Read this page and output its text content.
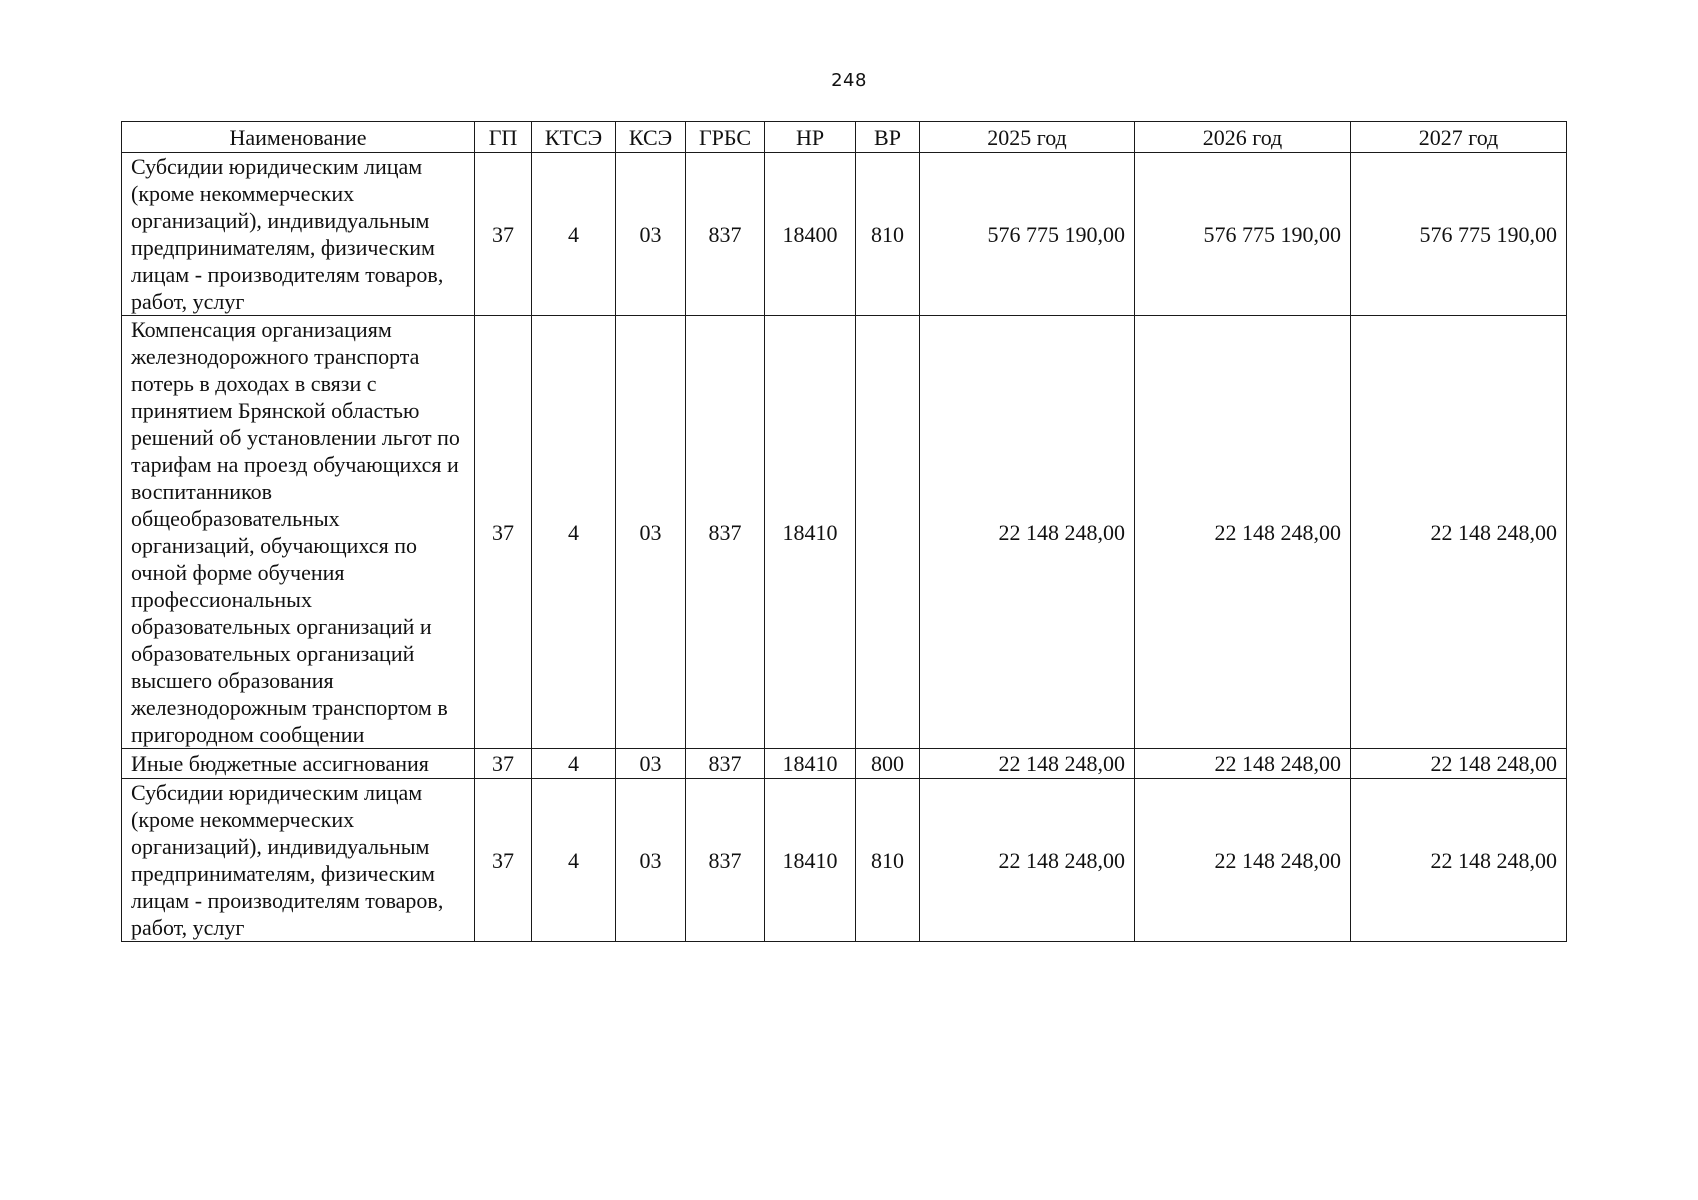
248
Наименование	ГП	КТСЭ	КСЭ	ГРБС	НР	ВР	2025 год	2026 год	2027 год
Субсидии юридическим лицам (кроме некоммерческих организаций), индивидуальным предпринимателям, физическим лицам - производителям товаров, работ, услуг	37	4	03	837	18400	810	576 775 190,00	576 775 190,00	576 775 190,00
Компенсация организациям железнодорожного транспорта потерь в доходах в связи с принятием Брянской областью решений об установлении льгот по тарифам на проезд обучающихся и воспитанников общеобразовательных организаций, обучающихся по очной форме обучения профессиональных образовательных организаций и образовательных организаций высшего образования железнодорожным транспортом в пригородном сообщении	37	4	03	837	18410		22 148 248,00	22 148 248,00	22 148 248,00
Иные бюджетные ассигнования	37	4	03	837	18410	800	22 148 248,00	22 148 248,00	22 148 248,00
Субсидии юридическим лицам (кроме некоммерческих организаций), индивидуальным предпринимателям, физическим лицам - производителям товаров, работ, услуг	37	4	03	837	18410	810	22 148 248,00	22 148 248,00	22 148 248,00
